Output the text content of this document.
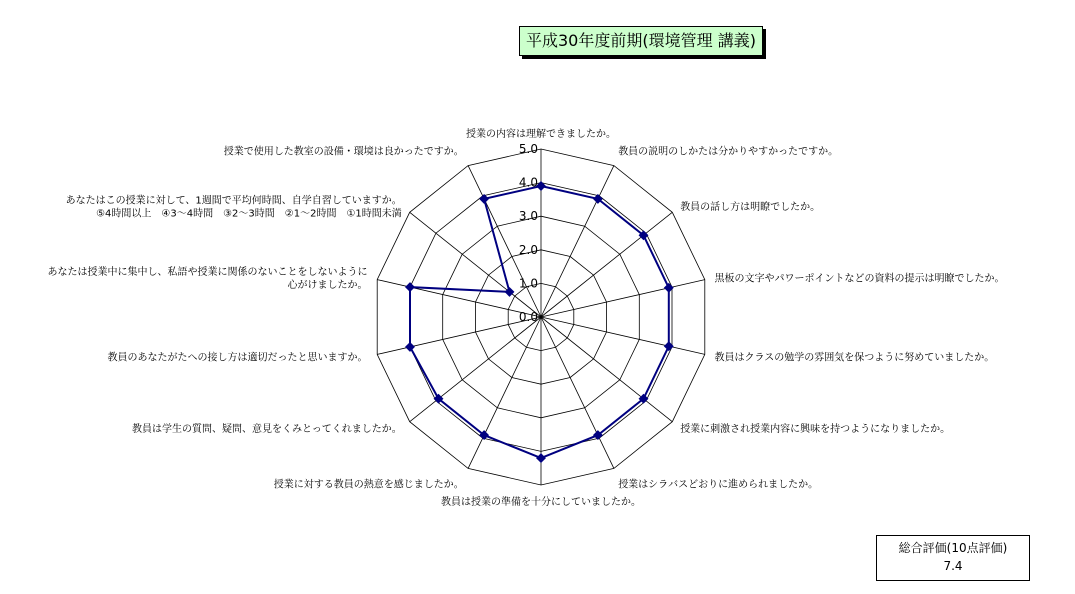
平成30年度前期(環境管理 講義)
0.0
1.0
2.0
3.0
4.0
5.0
授業の内容は理解できましたか。
教員の説明のしかたは分かりやすかったですか。
教員の話し方は明瞭でしたか。
黒板の文字やパワーポイントなどの資料の提示は明瞭でしたか。
教員はクラスの勉学の雰囲気を保つように努めていましたか。
授業に刺激され授業内容に興味を持つようになりましたか。
授業はシラバスどおりに進められましたか。
教員は授業の準備を十分にしていましたか。
授業に対する教員の熱意を感じましたか。
教員は学生の質問、疑問、意見をくみとってくれましたか。
教員のあなたがたへの接し方は適切だったと思いますか。
あなたは授業中に集中し、私語や授業に関係のないことをしないように心がけましたか。
あなたはこの授業に対して、1週間で平均何時間、自学自習していますか。 ⑤4時間以上　④3～4時間　③2～3時間　②1～2時間　①1時間未満
授業で使用した教室の設備・環境は良かったですか。
総合評価(10点評価)
7.4
